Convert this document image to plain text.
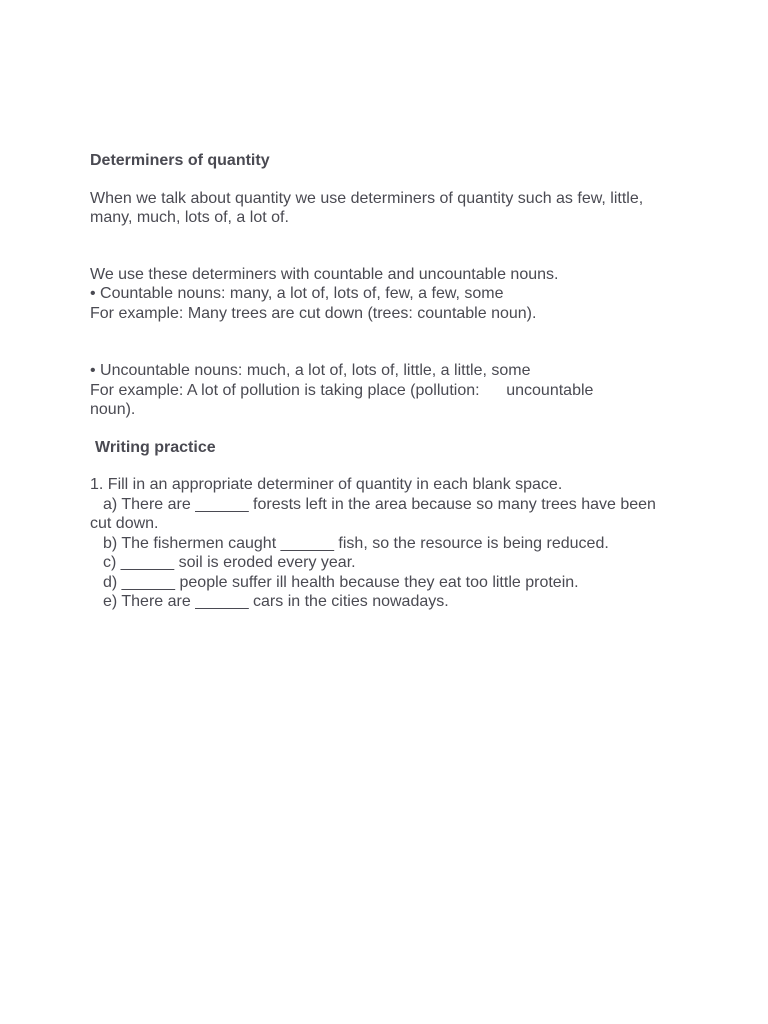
Determiners of quantity

When we talk about quantity we use determiners of quantity such as few, little,

many, much, lots of, a lot of.

We use these determiners with countable and uncountable nouns.

• Countable nouns: many, a lot of, lots of, few, a few, some

For example: Many trees are cut down (trees: countable noun).

• Uncountable nouns: much, a lot of, lots of, little, a little, some

For example: A lot of pollution is taking place (pollution:      uncountable

noun).

Writing practice

1. Fill in an appropriate determiner of quantity in each blank space.

a) There are ______ forests left in the area because so many trees have been

cut down.

b) The fishermen caught ______ fish, so the resource is being reduced.

c) ______ soil is eroded every year.

d) ______ people suffer ill health because they eat too little protein.

e) There are ______ cars in the cities nowadays.
